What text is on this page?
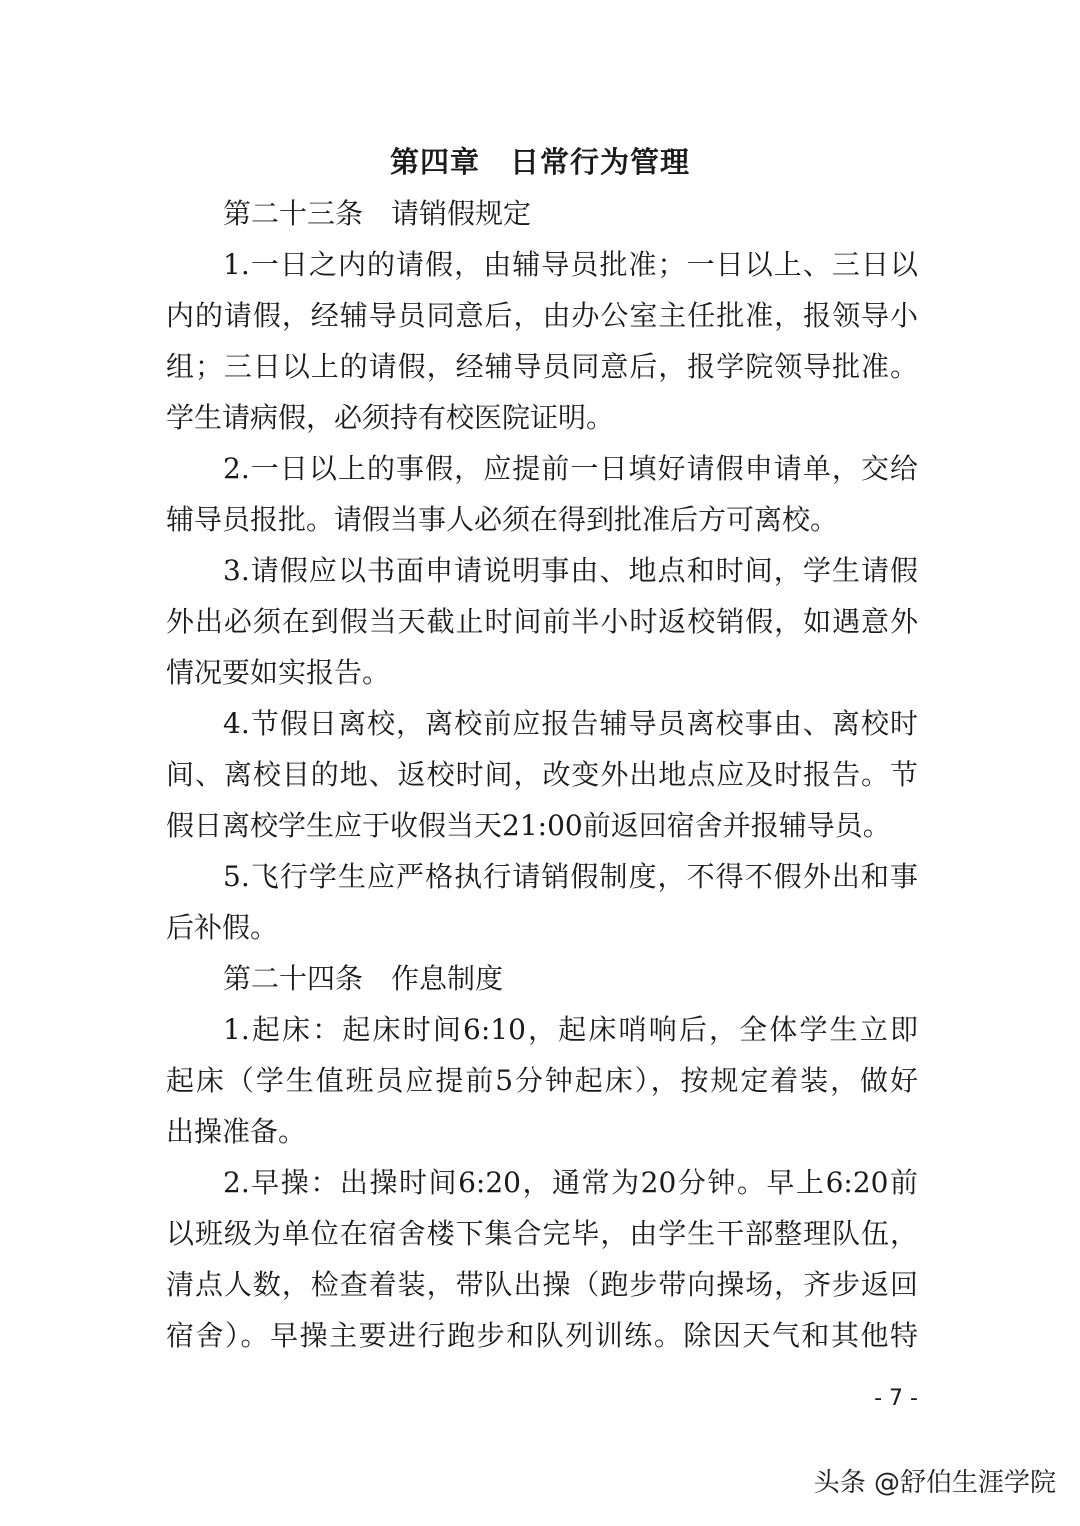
第四章　日常行为管理
第二十三条　请销假规定
1.一日之内的请假，由辅导员批准；一日以上、三日以
内的请假，经辅导员同意后，由办公室主任批准，报领导小
组；三日以上的请假，经辅导员同意后，报学院领导批准。
学生请病假，必须持有校医院证明。
2.一日以上的事假，应提前一日填好请假申请单，交给
辅导员报批。请假当事人必须在得到批准后方可离校。
3.请假应以书面申请说明事由、地点和时间，学生请假
外出必须在到假当天截止时间前半小时返校销假，如遇意外
情况要如实报告。
4.节假日离校，离校前应报告辅导员离校事由、离校时
间、离校目的地、返校时间，改变外出地点应及时报告。节
假日离校学生应于收假当天21:00前返回宿舍并报辅导员。
5.飞行学生应严格执行请销假制度，不得不假外出和事
后补假。
第二十四条　作息制度
1.起床：起床时间6:10，起床哨响后，全体学生立即
起床（学生值班员应提前5分钟起床），按规定着装，做好
出操准备。
2.早操：出操时间6:20，通常为20分钟。早上6:20前
以班级为单位在宿舍楼下集合完毕，由学生干部整理队伍，
清点人数，检查着装，带队出操（跑步带向操场，齐步返回
宿舍）。早操主要进行跑步和队列训练。除因天气和其他特
- 7 -
头条 @舒伯生涯学院
